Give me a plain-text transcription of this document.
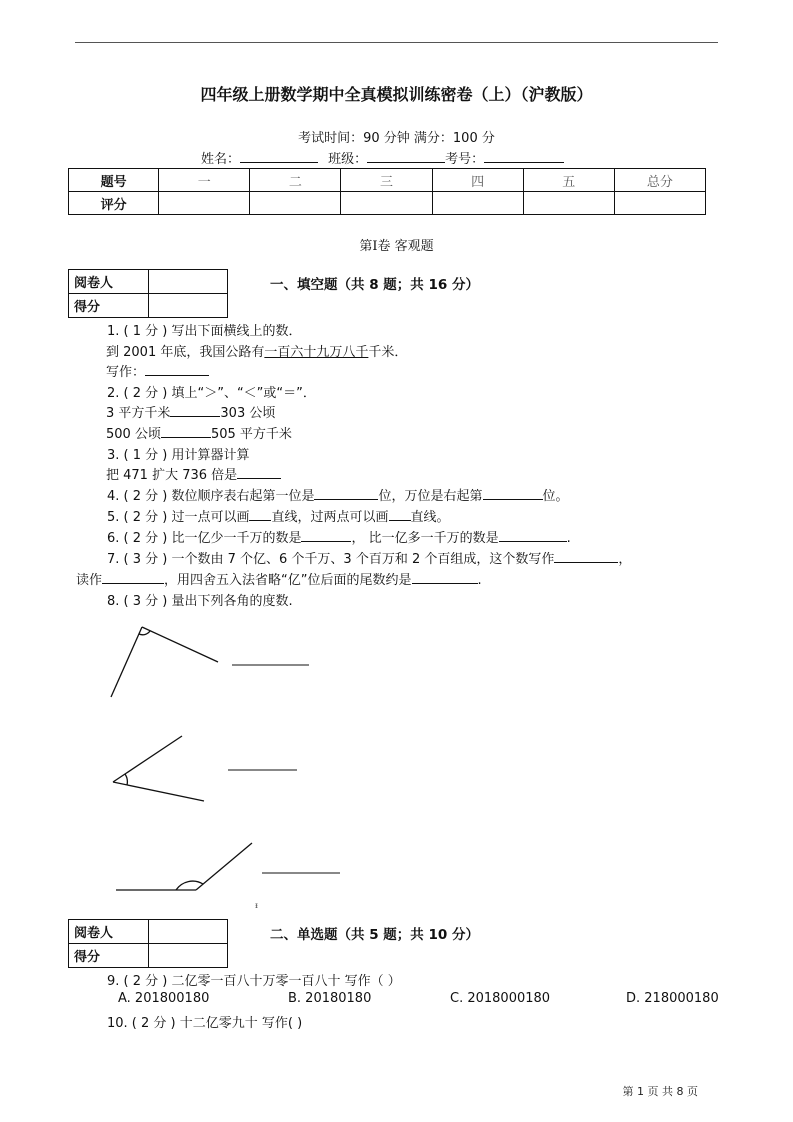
四年级上册数学期中全真模拟训练密卷（上）（沪教版）
考试时间：90 分钟 满分：100 分
姓名：	班级：	考号：
题号	一	二	三	四	五	总分
评分						
第Ⅰ卷 客观题
阅卷人	
得分	
一、填空题（共 8 题；共 16 分）
1. ( 1 分 ) 写出下面横线上的数．
到 2001 年底，我国公路有一百六十九万八千千米．
写作：
2. ( 2 分 ) 填上“＞”、“＜”或“＝”．
3 平方千米	303 公顷
500 公顷	505 平方千米
3. ( 1 分 ) 用计算器计算
把 471 扩大 736 倍是
4. ( 2 分 ) 数位顺序表右起第一位是	位，万位是右起第	位。
5. ( 2 分 ) 过一点可以画 直线，过两点可以画 直线。
6. ( 2 分 ) 比一亿少一千万的数是	， 比一亿多一千万的数是	.
7. ( 3 分 ) 一个数由 7 个亿、6 个千万、3 个百万和 2 个百组成，这个数写作	，
读作	，用四舍五入法省略“亿”位后面的尾数约是	.
8. ( 3 分 ) 量出下列各角的度数.
ᵻ
阅卷人	
得分	
二、单选题（共 5 题；共 10 分）
9. ( 2 分 ) 二亿零一百八十万零一百八十 写作（ ）
A. 201800180	B. 20180180	C. 2018000180	D. 218000180
10. ( 2 分 ) 十二亿零九十 写作( )
第 1 页 共 8 页
